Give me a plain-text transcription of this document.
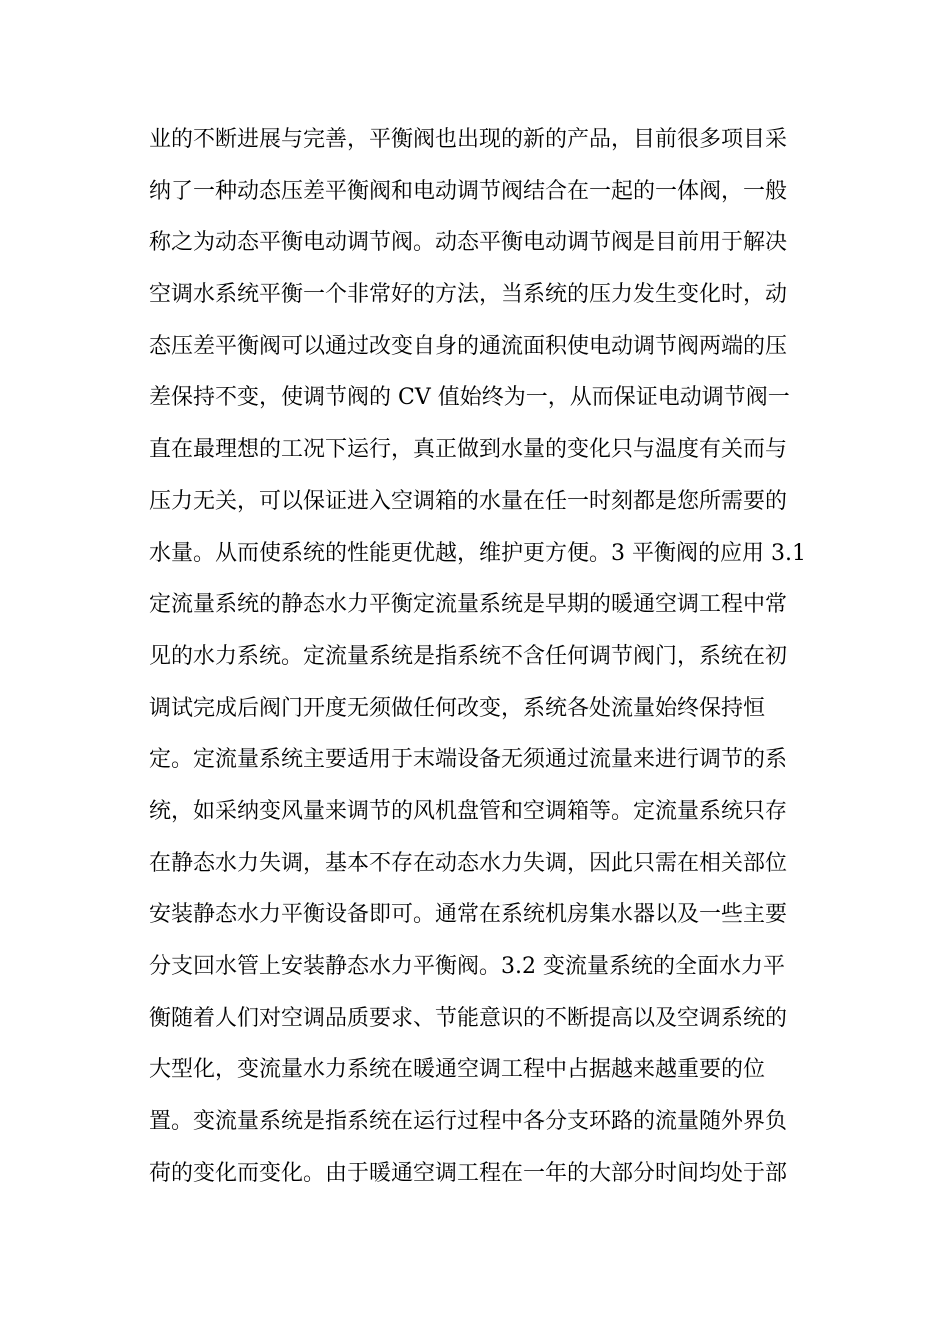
业的不断进展与完善，平衡阀也出现的新的产品，目前很多项目采
纳了一种动态压差平衡阀和电动调节阀结合在一起的一体阀，一般
称之为动态平衡电动调节阀。动态平衡电动调节阀是目前用于解决
空调水系统平衡一个非常好的方法，当系统的压力发生变化时，动
态压差平衡阀可以通过改变自身的通流面积使电动调节阀两端的压
差保持不变，使调节阀的 CV 值始终为一，从而保证电动调节阀一
直在最理想的工况下运行，真正做到水量的变化只与温度有关而与
压力无关，可以保证进入空调箱的水量在任一时刻都是您所需要的
水量。从而使系统的性能更优越，维护更方便。3 平衡阀的应用 3.1
定流量系统的静态水力平衡定流量系统是早期的暖通空调工程中常
见的水力系统。定流量系统是指系统不含任何调节阀门，系统在初
调试完成后阀门开度无须做任何改变，系统各处流量始终保持恒
定。定流量系统主要适用于末端设备无须通过流量来进行调节的系
统，如采纳变风量来调节的风机盘管和空调箱等。定流量系统只存
在静态水力失调，基本不存在动态水力失调，因此只需在相关部位
安装静态水力平衡设备即可。通常在系统机房集水器以及一些主要
分支回水管上安装静态水力平衡阀。3.2 变流量系统的全面水力平
衡随着人们对空调品质要求、节能意识的不断提高以及空调系统的
大型化，变流量水力系统在暖通空调工程中占据越来越重要的位
置。变流量系统是指系统在运行过程中各分支环路的流量随外界负
荷的变化而变化。由于暖通空调工程在一年的大部分时间均处于部
